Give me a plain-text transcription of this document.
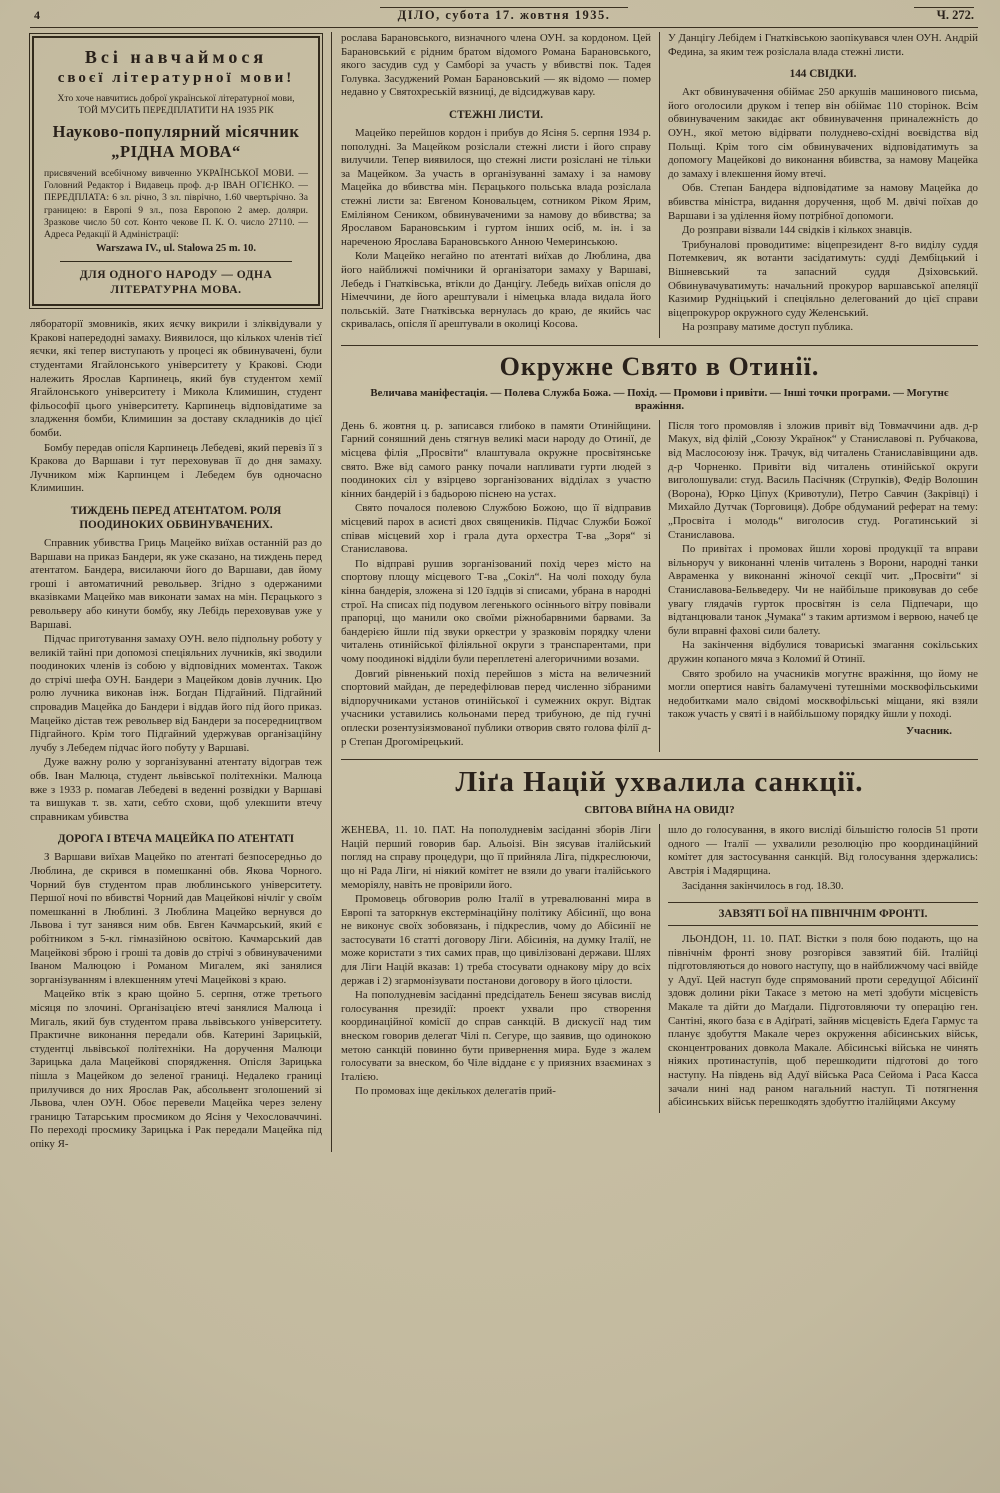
4	ДІЛО, субота 17. жовтня 1935.	Ч. 272.
Всі навчаймося
своєї літературної мови!
Хто хоче навчитись доброї української літературної мови,
ТОЙ МУСИТЬ ПЕРЕДПЛАТИТИ НА 1935 РІК
Науково-популярний місячник „РІДНА МОВА“

присвячений всебічному вивченню УКРАЇНСЬКОЇ МОВИ. — Головний Редактор і Видавець проф. д-р ІВАН ОГІЄНКО. — ПЕРЕДПЛАТА: 6 зл. річно, 3 зл. піврічно, 1.60 чвертьрічно. За границею: в Европі 9 зл., поза Европою 2 амер. доляри. Зразкове число 50 сот. Конто чекове П. К. О. число 27110. — Адреса Редакції й Адміністрації:

Warszawa IV., ul. Stalowa 25 m. 10.
ДЛЯ ОДНОГО НАРОДУ — ОДНА ЛІТЕРАТУРНА МОВА.

лябораторії змовників, яких яєчку викрили і зліквідували у Кракові напередодні замаху. Виявилося, що кількох членів тієї яєчки, які тепер виступають у процесі як обвинувачені, були студентами Ягайлонського університету у Кракові. Сюди належить Ярослав Карпинець, який був студентом хемії Ягайлонського університету і Микола Климишин, студент фільософії цього університету. Карпинець відповідатиме за зладження бомби, Климишин за доставу складників до цієї бомби.

Бомбу передав опісля Карпинець Лебедеві, який перевіз її з Кракова до Варшави і тут переховував її до дня замаху. Лучником між Карпинцем і Лебедем був одночасно Климишин.

ТИЖДЕНЬ ПЕРЕД АТЕНТАТОМ. РОЛЯ ПООДИНОКИХ ОБВИНУВАЧЕНИХ.

Справник убивства Гриць Мацейко виїхав останній раз до Варшави на приказ Бандери, як уже сказано, на тиждень перед атентатом. Бандера, висилаючи його до Варшави, дав йому гроші і автоматичний револьвер. Згідно з одержаними вказівками Мацейко мав виконати замах на мін. Пєрацького з револьверу або кинути бомбу, яку Лебідь переховував уже у Варшаві.

Підчас приготування замаху ОУН. вело підпольну роботу у великій тайні при допомозі спеціяльних лучників, які зводили поодиноких членів із собою у відповідних моментах. Також до стрічі шефа ОУН. Бандери з Мацейком довів лучник. Цю ролю лучника виконав інж. Богдан Підгайний. Підгайний спровадив Мацейка до Бандери і віддав його під його приказ. Мацейко дістав теж револьвер від Бандери за посередництвом Підгайного. Крім того Підгайний удержував організаційну лучбу з Лебедем підчас його побуту у Варшаві.

Дуже важну ролю у зорганізуванні атентату відограв теж обв. Іван Малюца, студент львівської політехніки. Малюца вже з 1933 р. помагав Лебедеві в веденні розвідки у Варшаві та вишукав т. зв. хати, себто схови, щоб улекшити втечу справникам убивства

ДОРОГА І ВТЕЧА МАЦЕЙКА ПО АТЕНТАТІ

З Варшави виїхав Мацейко по атентаті безпосередньо до Люблина, де скрився в помешканні обв. Якова Чорного. Чорний був студентом прав люблинського університету. Першої ночі по вбивстві Чорний дав Мацейкові нічліг у своїм помешканні в Люблині. З Люблина Мацейко вернувся до Львова і тут занявся ним обв. Евген Качмарський, який є робітником з 5-кл. гімназійною освітою. Качмарський дав Мацейкові зброю і гроші та довів до стрічі з обвинуваченими Іваном Малюцою і Романом Мигалем, які занялися зорганізуванням і влекшенням утечі Мацейкові з краю.

Мацейко втік з краю щойно 5. серпня, отже третього місяця по злочині. Організацією втечі занялися Малюца і Мигаль, який був студентом права львівського університету. Практичне виконання передали обв. Катерині Зарицькій, студентці львівської політехніки. На доручення Малюци Зарицька дала Мацейкові спорядження. Опісля Зарицька пішла з Мацейком до зеленої границі. Недалеко границі прилучився до них Ярослав Рак, абсольвент зголошений зі Львова, член ОУН. Обоє перевели Мацейка через зелену границю Татарським просмиком до Ясіня у Чехословаччині. По переході просмику Зарицька і Рак передали Мацейка під опіку Я-

рослава Барановського, визначного члена ОУН. за кордоном. Цей Барановський є рідним братом відомого Романа Барановського, якого засудив суд у Самборі за участь у вбивстві пок. Тадея Голувка. Засуджений Роман Барановський — як відомо — помер недавно у Святохреській вязниці, де відсиджував кару.

СТЕЖНІ ЛИСТИ.

Мацейко перейшов кордон і прибув до Ясіня 5. серпня 1934 р. пополудні. За Мацейком розіслали стежні листи і його справу вилучили. Тепер виявилося, що стежні листи розіслані не тільки за Мацейком. За участь в організуванні замаху і за намову Мацейка до вбивства мін. Пєрацького польська влада розіслала стежні листи за: Евгеном Коновальцем, сотником Ріком Ярим, Еміліяном Сеником, обвинуваченими за намову до вбивства; за Ярославом Барановським і гуртом інших осіб, м. ін. і за нареченою Ярослава Барановського Анною Чемеринською.

Коли Мацейко негайно по атентаті виїхав до Люблина, два його найближчі помічники й організатори замаху у Варшаві, Лебедь і Гнатківська, втікли до Данцігу. Лебедь виїхав опісля до Німеччини, де його арештували і німецька влада видала його польській. Зате Гнатківська вернулась до краю, де якийсь час скривалась, опісля її арештували в околиці Косова.

У Данцігу Лебідем і Гнатківською заопікувався член ОУН. Андрій Федина, за яким теж розіслала влада стежні листи.

144 СВІДКИ.

Акт обвинувачення обіймає 250 аркушів машинового письма, його оголосили друком і тепер він обіймає 110 сторінок. Всім обвинуваченим закидає акт обвинувачення приналежність до ОУН., якої метою відірвати полуднево-східні воєвідства від Польщі. Крім того сім обвинувачених відповідатимуть за допомогу Мацейкові до виконання вбивства, за намову Мацейка до замаху і влекшення йому втечі.

Обв. Степан Бандера відповідатиме за намову Мацейка до вбивства міністра, видання доручення, щоб М. двічі поїхав до Варшави і за уділення йому потрібної допомоги.

До розправи візвали 144 свідків і кількох знавців.

Трибуналові проводитиме: віцепрезидент 8-го виділу суддя Потемкевич, як вотанти засідатимуть: судді Дембіцький і Вішневський та запасний суддя Дзіховський. Обвинувачуватимуть: начальний прокурор варшавської апеляції Казимир Рудніцький і спеціяльно делегований до цієї справи віцепрокурор окружного суду Желенський.

На розправу матиме доступ публика.

Окружне Свято в Отинії.

Величава маніфестація. — Полева Служба Божа. — Похід. — Промови і привіти. — Інші точки програми. — Могутнє вражіння.

День 6. жовтня ц. р. записався глибоко в памяти Отинійщини. Гарний соняшний день стягнув великі маси народу до Отинії, де місцева філія „Просвіти“ влаштувала окружне просвітянське свято. Вже від самого ранку почали напливати гурти людей з поодиноких сіл у взірцево зорганізованих відділах з участю кінних бандерій і з бадьорою піснею на устах.

Свято почалося полевою Службою Божою, що її відправив місцевий парох в асисті двох священиків. Підчас Служби Божої співав місцевий хор і грала дута орхестра Т-ва „Зоря“ зі Станиславова.

По відправі рушив зорганізований похід через місто на спортову площу місцевого Т-ва „Сокіл“. На чолі походу була кінна бандерія, зложена зі 120 їздців зі списами, убрана в народні строї. На списах під подувом легенького осіннього вітру повівали прапорці, що манили око своїми ріжнобарвними барвами. За бандерією йшли під звуки оркестри у зразковім порядку члени читалень отинійської філіяльної округи з транспарентами, при чому поодинокі відділи були переплетені алегоричними возами.

Довгий рівненький похід перейшов з міста на величезний спортовий майдан, де передефілював перед численно зібраними відпоручниками установ отинійської і сумежних округ. Відтак учасники уставились кольонами перед трибуною, де під гучні оплески розентузіязмованої публики отворив свято голова філії д-р Степан Дрогомірецький.

Після того промовляв і зложив привіт від Товмаччини адв. д-р Макух, від філій „Союзу Українок“ у Станиславові п. Рубчакова, від Маслосоюзу інж. Трачук, від читалень Станиславівщини адв. д-р Чорненко. Привіти від читалень отинійської округи виголошували: студ. Василь Пасічняк (Струпків), Федір Волошин (Ворона), Юрко Ціпух (Кривотули), Петро Савчин (Закрівці) і Михайло Дутчак (Торговиця). Добре обдуманий реферат на тему: „Просвіта і молодь“ виголосив студ. Рогатинський зі Станиславова.

По привітах і промовах йшли хорові продукції та вправи вільноруч у виконанні членів читалень з Ворони, народні танки Авраменка у виконанні жіночої секції чит. „Просвіти“ зі Станиславова-Бельведеру. Чи не найбільше приковував до себе увагу глядачів гурток просвітян із села Підпечари, що відтанцювали танок „Чумака“ з таким артизмом і вервою, начеб це були вправні фахові сили балету.

На закінчення відбулися товариські змагання сокільських дружин копаного мяча з Коломиї й Отинії.

Свято зробило на учасників могутнє вражіння, що йому не могли опертися навіть баламучені тутешніми москвофільськими недобитками мало свідомі москвофільські міщани, які взяли також участь у святі і в найбільшому порядку йшли у поході.

Учасник.

Ліґа Націй ухвалила санкції.

СВІТОВА ВІЙНА НА ОВИДІ?

ЖЕНЕВА, 11. 10. ПАТ. На пополудневім засіданні зборів Ліги Націй перший говорив бар. Альоізі. Він зясував італійський погляд на справу процедури, що її прийняла Ліга, підкреслюючи, що ні Рада Ліги, ні ніякий комітет не взяли до уваги італійського меморіялу, навіть не провірили його.

Промовець обговорив ролю Італії в утревалюванні мира в Европі та заторкнув екстермінаційну політику Абісинії, що вона не виконує своїх зобовязань, і підкреслив, чому до Абісинії не застосувати 16 статті договору Ліги. Абісинія, на думку Італії, не може користати з тих самих прав, що цивілізовані держави. Шлях для Ліги Націй вказав: 1) треба стосувати однакову міру до всіх держав і 2) згармонізувати постанови договору в його цілости.

На пополудневім засіданні предсідатель Бенеш зясував вислід голосування президії: проект ухвали про створення координаційної комісії до справ санкцій. В дискусії над тим внеском говорив делегат Чілі п. Сегуре, що заявив, що одинокою метою санкцій повинно бути привернення мира. Буде з жалем голосувати за внеском, бо Чіле віддане є у приязних взаєминах з Італією.

По промовах іще декількох делегатів прий-

шло до голосування, в якого висліді більшістю голосів 51 проти одного — Італії — ухвалили резолюцію про координаційний комітет для застосування санкцій. Від голосування здержались: Австрія і Мадярщина.

Засідання закінчилось в год. 18.30.

ЗАВЗЯТІ БОЇ НА ПІВНІЧНІМ ФРОНТІ.

ЛЬОНДОН, 11. 10. ПАТ. Вістки з поля бою подають, що на північнім фронті знову розгорівся завзятий бій. Італійці підготовляються до нового наступу, що в найближчому часі ввійде у Адуї. Цей наступ буде спрямований проти середущої Абісинії здовж долини ріки Такасе з метою на меті здобути місцевість Макале та дійти до Маґдали. Підготовляючи ту операцію ген. Сантіні, якого база є в Адіґраті, зайняв місцевість Едеґа Гармус та планує здобуття Макале через окруження абісинських військ, сконцентрованих довкола Макале. Абісинські війська не чинять ніяких протинаступів, щоб перешкодити підготові до того наступу. На південь від Адуї війська Раса Сейома і Раса Касса зачали нині над раном нагальний наступ. Ті потягнення абісинських військ перешкодять здобуттю італійцями Аксуму
